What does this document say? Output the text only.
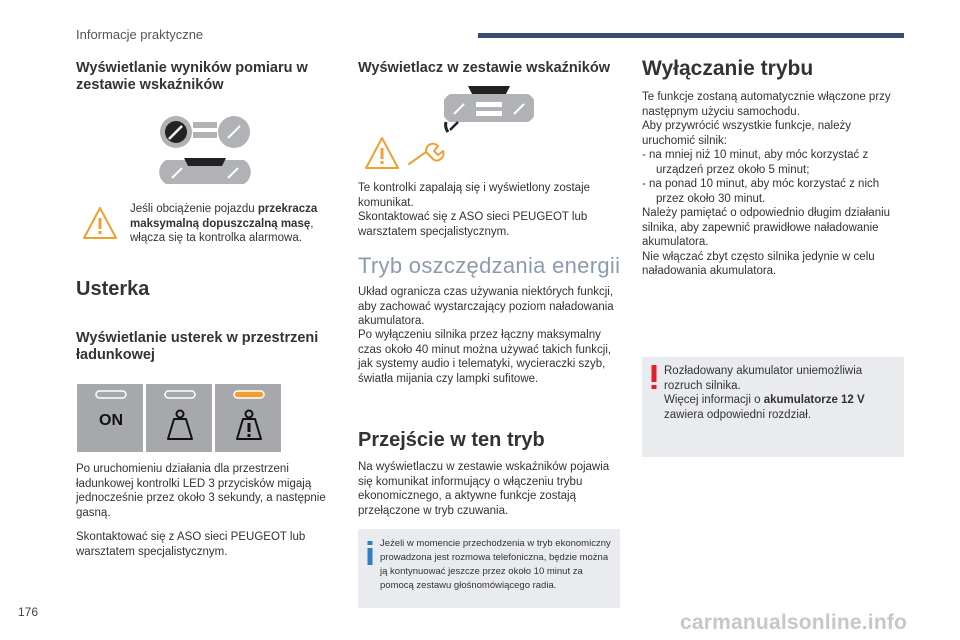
Informacje praktyczne
Wyświetlanie wyników pomiaru w zestawie wskaźników

Jeśli obciążenie pojazdu przekracza maksymalną dopuszczalną masę, włącza się ta kontrolka alarmowa.

Usterka
Wyświetlanie usterek w przestrzeni ładunkowej
ON

Po uruchomieniu działania dla przestrzeni ładunkowej kontrolki LED 3 przycisków migają jednocześnie przez około 3 sekundy, a następnie gasną.

Skontaktować się z ASO sieci PEUGEOT lub warsztatem specjalistycznym.

Wyświetlacz w zestawie wskaźników

Te kontrolki zapalają się i wyświetlony zostaje komunikat.

Skontaktować się z ASO sieci PEUGEOT lub warsztatem specjalistycznym.

Tryb oszczędzania energii

Układ ogranicza czas używania niektórych funkcji, aby zachować wystarczający poziom naładowania akumulatora.

Po wyłączeniu silnika przez łączny maksymalny czas około 40 minut można używać takich funkcji, jak systemy audio i telematyki, wycieraczki szyb, światła mijania czy lampki sufitowe.

Przejście w ten tryb

Na wyświetlaczu w zestawie wskaźników pojawia się komunikat informujący o włączeniu trybu ekonomicznego, a aktywne funkcje zostają przełączone w tryb czuwania.

Jeżeli w momencie przechodzenia w tryb ekonomiczny prowadzona jest rozmowa telefoniczna, będzie można ją kontynuować jeszcze przez około 10 minut za pomocą zestawu głośnomówiącego radia.

Wyłączanie trybu
Te funkcje zostaną automatycznie włączone przy następnym użyciu samochodu.
Aby przywrócić wszystkie funkcje, należy uruchomić silnik:
- na mniej niż 10 minut, aby móc korzystać z urządzeń przez około 5 minut;
- na ponad 10 minut, aby móc korzystać z nich przez około 30 minut.
Należy pamiętać o odpowiednio długim działaniu silnika, aby zapewnić prawidłowe naładowanie akumulatora.
Nie włączać zbyt często silnika jedynie w celu naładowania akumulatora.

Rozładowany akumulator uniemożliwia rozruch silnika.
Więcej informacji o akumulatorze 12 V zawiera odpowiedni rozdział.

176	carmanualsonline.info
